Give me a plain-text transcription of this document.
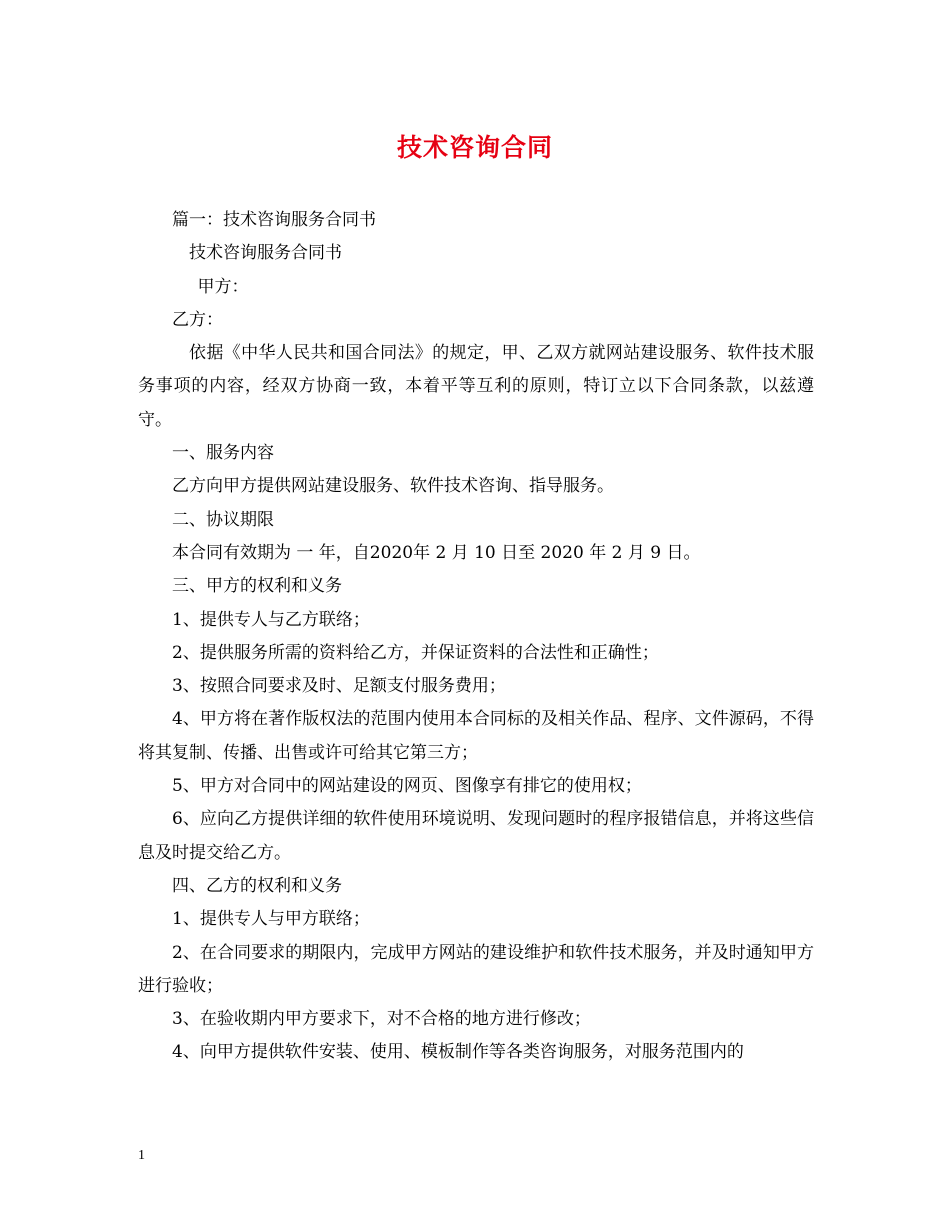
技术咨询合同

篇一：技术咨询服务合同书

技术咨询服务合同书

甲方：

乙方：

依据《中华人民共和国合同法》的规定，甲、乙双方就网站建设服务、软件技术服务事项的内容，经双方协商一致，本着平等互利的原则，特订立以下合同条款，以兹遵守。

一、服务内容

乙方向甲方提供网站建设服务、软件技术咨询、指导服务。

二、协议期限

本合同有效期为 一 年，自2020年 2 月 10 日至 2020 年 2 月 9 日。

三、甲方的权利和义务

1、提供专人与乙方联络；

2、提供服务所需的资料给乙方，并保证资料的合法性和正确性；

3、按照合同要求及时、足额支付服务费用；

4、甲方将在著作版权法的范围内使用本合同标的及相关作品、程序、文件源码，不得将其复制、传播、出售或许可给其它第三方；

5、甲方对合同中的网站建设的网页、图像享有排它的使用权；

6、应向乙方提供详细的软件使用环境说明、发现问题时的程序报错信息，并将这些信息及时提交给乙方。

四、乙方的权利和义务

1、提供专人与甲方联络；

2、在合同要求的期限内，完成甲方网站的建设维护和软件技术服务，并及时通知甲方进行验收；

3、在验收期内甲方要求下，对不合格的地方进行修改；

4、向甲方提供软件安装、使用、模板制作等各类咨询服务，对服务范围内的

1
